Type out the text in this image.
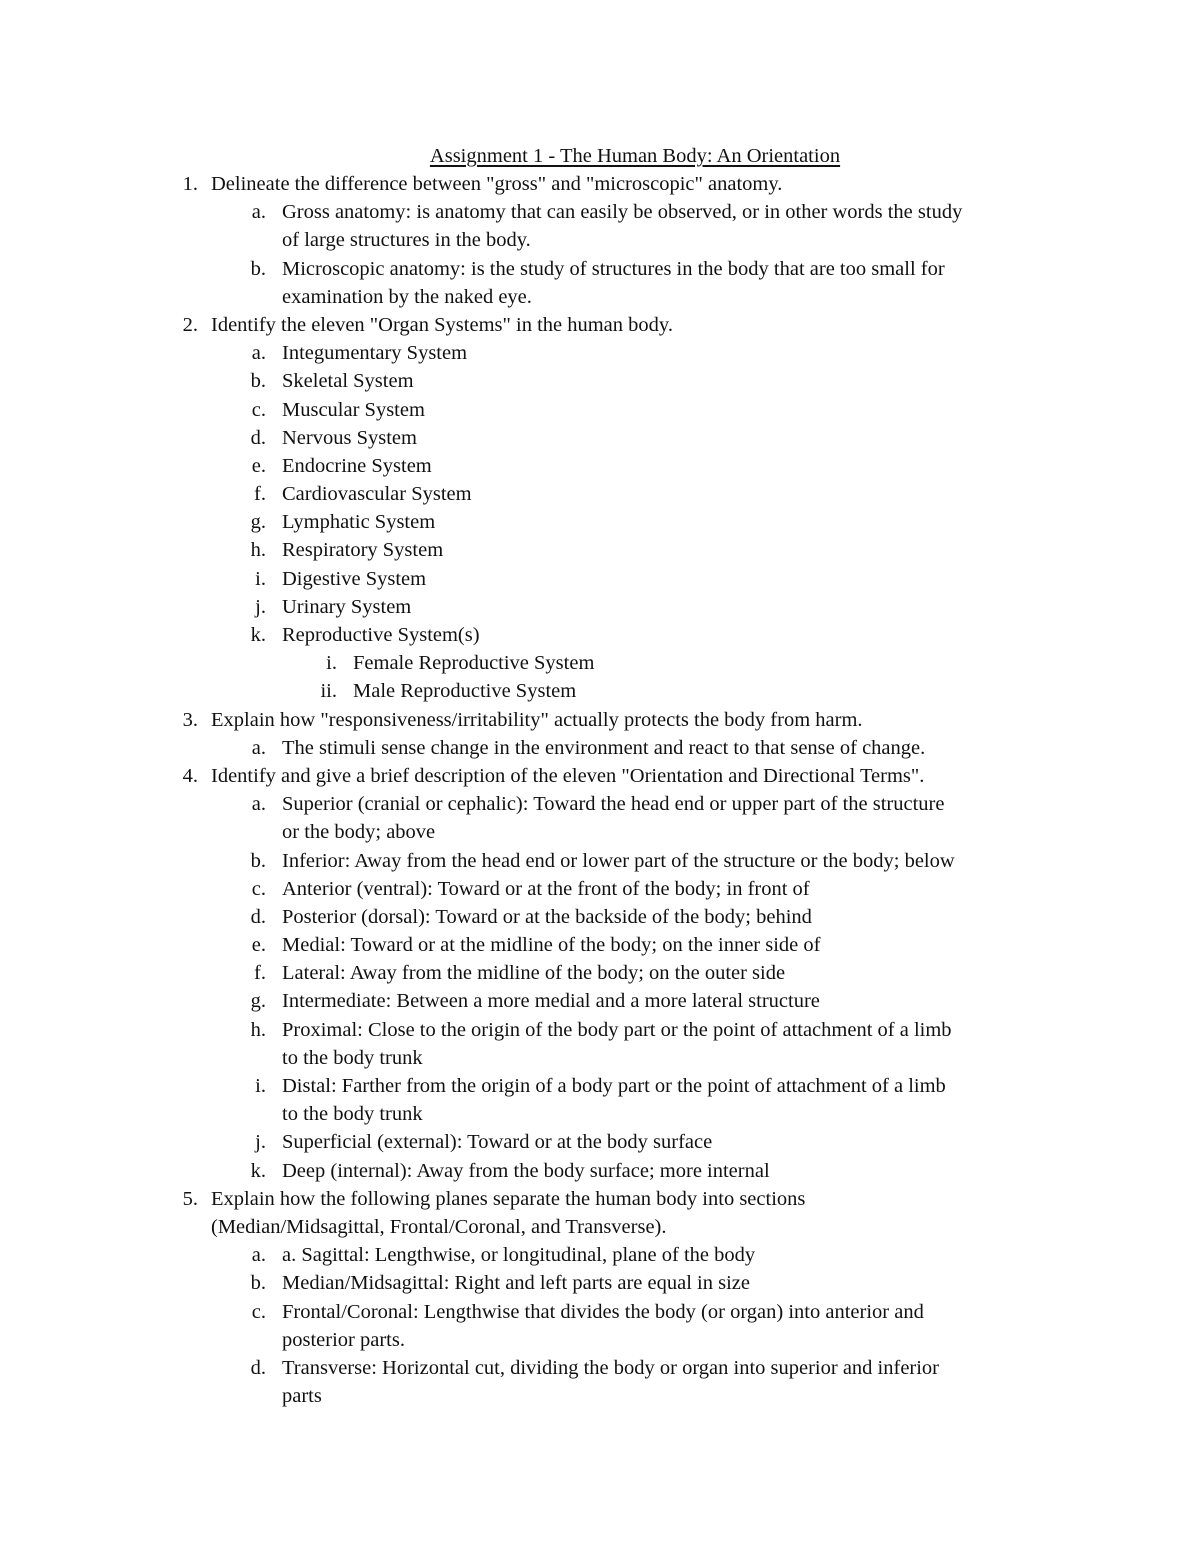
Assignment 1 - The Human Body: An Orientation
1. Delineate the difference between "gross" and "microscopic" anatomy.
a. Gross anatomy: is anatomy that can easily be observed, or in other words the study
of large structures in the body.
b. Microscopic anatomy: is the study of structures in the body that are too small for
examination by the naked eye.
2. Identify the eleven "Organ Systems" in the human body.
a. Integumentary System
b. Skeletal System
c. Muscular System
d. Nervous System
e. Endocrine System
f. Cardiovascular System
g. Lymphatic System
h. Respiratory System
i. Digestive System
j. Urinary System
k. Reproductive System(s)
i. Female Reproductive System
ii. Male Reproductive System
3. Explain how "responsiveness/irritability" actually protects the body from harm.
a. The stimuli sense change in the environment and react to that sense of change.
4. Identify and give a brief description of the eleven "Orientation and Directional Terms".
a. Superior (cranial or cephalic): Toward the head end or upper part of the structure
or the body; above
b. Inferior: Away from the head end or lower part of the structure or the body; below
c. Anterior (ventral): Toward or at the front of the body; in front of
d. Posterior (dorsal): Toward or at the backside of the body; behind
e. Medial: Toward or at the midline of the body; on the inner side of
f. Lateral: Away from the midline of the body; on the outer side
g. Intermediate: Between a more medial and a more lateral structure
h. Proximal: Close to the origin of the body part or the point of attachment of a limb
to the body trunk
i. Distal: Farther from the origin of a body part or the point of attachment of a limb
to the body trunk
j. Superficial (external): Toward or at the body surface
k. Deep (internal): Away from the body surface; more internal
5. Explain how the following planes separate the human body into sections
(Median/Midsagittal, Frontal/Coronal, and Transverse).
a. a. Sagittal: Lengthwise, or longitudinal, plane of the body
b. Median/Midsagittal: Right and left parts are equal in size
c. Frontal/Coronal: Lengthwise that divides the body (or organ) into anterior and
posterior parts.
d. Transverse: Horizontal cut, dividing the body or organ into superior and inferior
parts
